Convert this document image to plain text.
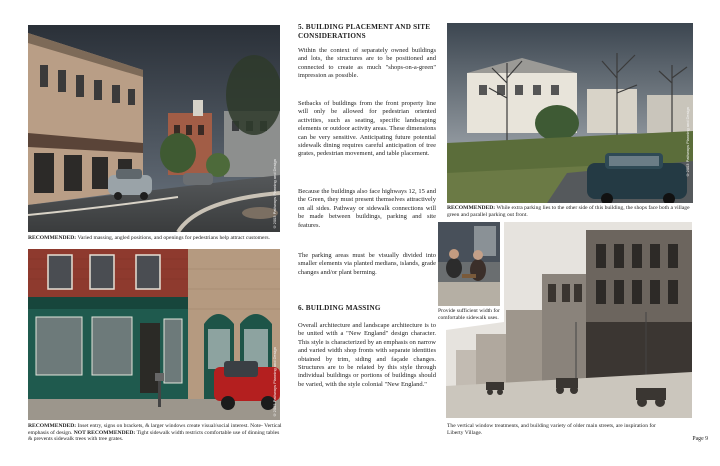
©2003 Pathways Planning and Design
RECOMMENDED: Varied massing, angled positions, and openings for pedestrians help attract customers.
©2003 Pathways Planning and Design
RECOMMENDED: Inset entry, signs on brackets, & larger windows create visual/social interest. Note- Vertical emphasis of design. NOT RECOMMENDED: Tight sidewalk width restricts comfortable use of dinning tables & prevents sidewalk trees with tree grates.
5. BUILDING PLACEMENT AND SITE
CONSIDERATIONS

Within the context of separately owned buildings and lots, the structures are to be positioned and connected to create as much "shops-on-a-green" impression as possible.

Setbacks of buildings from the front property line will only be allowed for pedestrian oriented activities, such as seating, specific landscaping elements or outdoor activity areas. These dimensions can be very sensitive. Anticipating future potential sidewalk dining requires careful anticipation of tree grates, pedestrian movement, and table placement.

Because the buildings also face highways 12, 15 and the Green, they must present themselves attractively on all sides. Pathway or sidewalk connections will be made between buildings, parking and site features.

The parking areas must be visually divided into smaller elements via planted medians, islands, grade changes and/or plant berming.

6. BUILDING MASSING

Overall architecture and landscape architecture is to be united with a "New England" design character. This style is characterized by an emphasis on narrow and varied width shop fronts with separate identities obtained by trim, siding and façade changes. Structures are to be related by this style through individual buildings or portions of buildings should be varied, with the style colonial "New England."

©2003 Pathways Planning and Design
RECOMMENDED: While extra parking lies to the other side of this building, the shops face both a village green and parallel parking out front.
Provide sufficient width for comfortable sidewalk uses.
The vertical window treatments, and building variety of older main streets, are inspiration for Liberty Village.
Page 9
